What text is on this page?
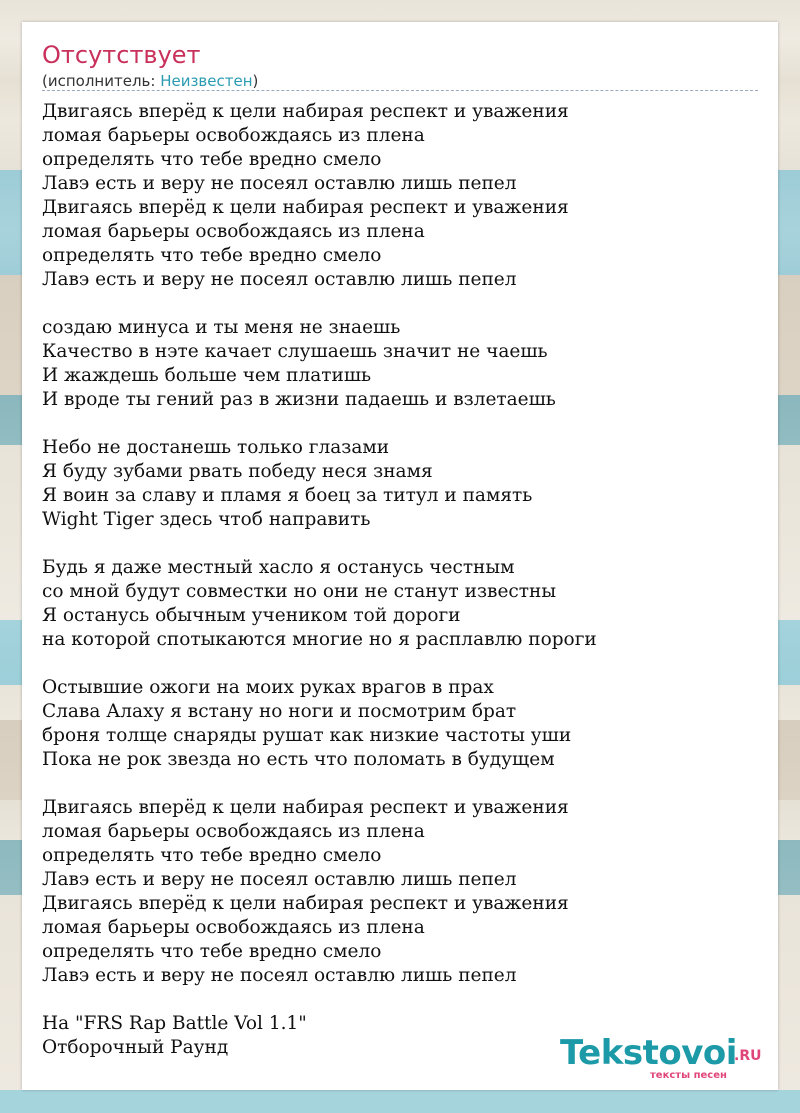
Отсутствует
(исполнитель: Неизвестен)
Двигаясь вперёд к цели набирая респект и уважения
ломая барьеры освобождаясь из плена
определять что тебе вредно смело
Лавэ есть и веру не посеял оставлю лишь пепел
Двигаясь вперёд к цели набирая респект и уважения
ломая барьеры освобождаясь из плена
определять что тебе вредно смело
Лавэ есть и веру не посеял оставлю лишь пепел
создаю минуса и ты меня не знаешь
Качество в нэте качает слушаешь значит не чаешь
И жаждешь больше чем платишь
И вроде ты гений раз в жизни падаешь и взлетаешь
Небо не достанешь только глазами
Я буду зубами рвать победу неся знамя
Я воин за славу и пламя я боец за титул и память
Wight Tiger здесь чтоб направить
Будь я даже местный хасло я останусь честным
со мной будут совместки но они не станут известны
Я останусь обычным учеником той дороги
на которой спотыкаются многие но я расплавлю пороги
Остывшие ожоги на моих руках врагов в прах
Слава Алаху я встану но ноги и посмотрим брат
броня толще снаряды рушат как низкие частоты уши
Пока не рок звезда но есть что поломать в будущем
Двигаясь вперёд к цели набирая респект и уважения
ломая барьеры освобождаясь из плена
определять что тебе вредно смело
Лавэ есть и веру не посеял оставлю лишь пепел
Двигаясь вперёд к цели набирая респект и уважения
ломая барьеры освобождаясь из плена
определять что тебе вредно смело
Лавэ есть и веру не посеял оставлю лишь пепел
На "FRS Rap Battle Vol 1.1"
Отборочный Раунд	Tekstovoi
.RU
тексты песен
